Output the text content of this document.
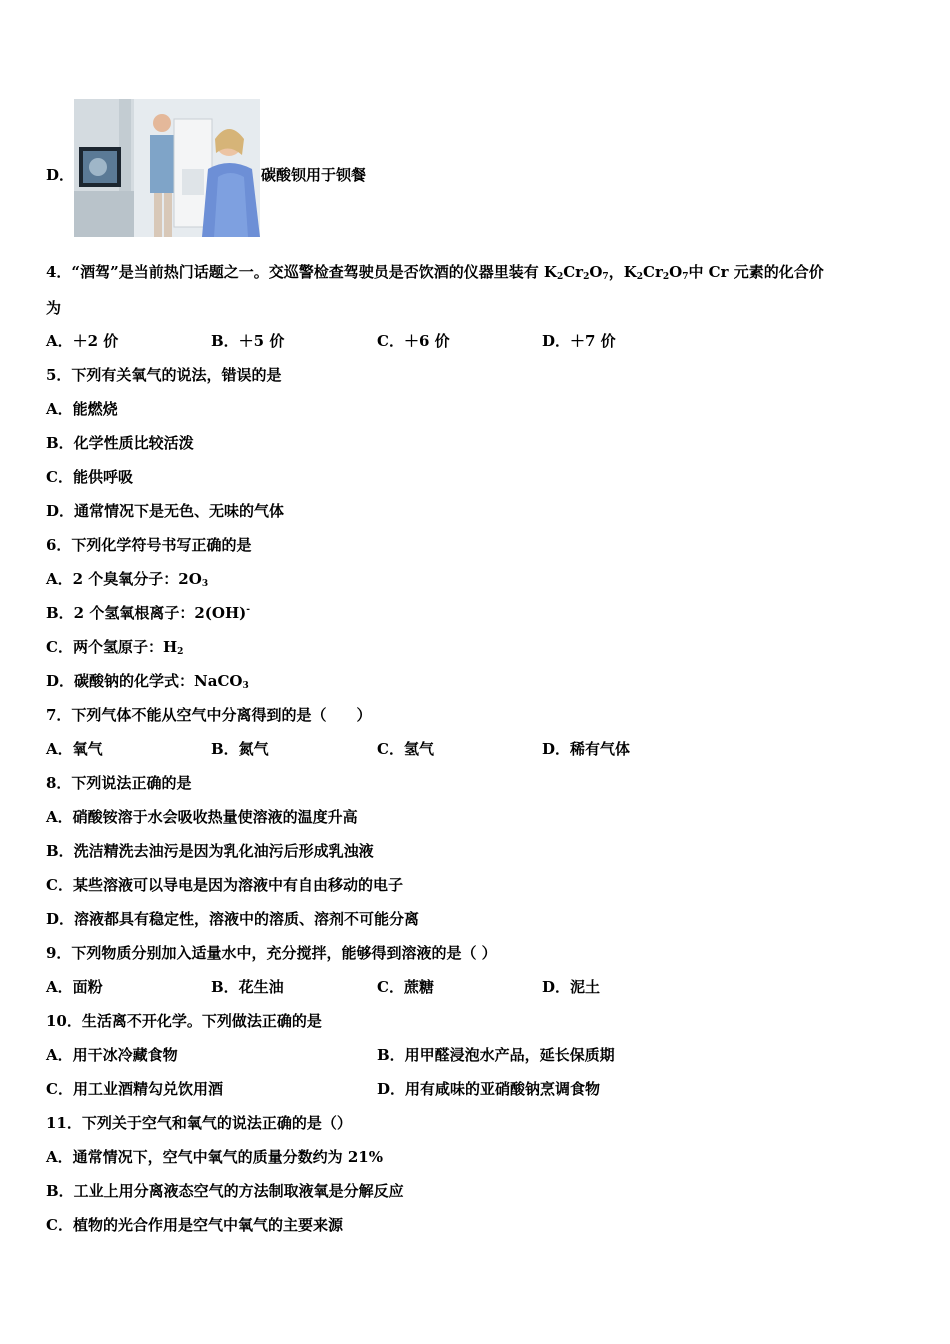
D．	碳酸钡用于钡餐
4．“酒驾”是当前热门话题之一。交巡警检查驾驶员是否饮酒的仪器里装有 $K_2Cr_2O_7$，$K_2Cr_2O_7$中 Cr 元素的化合价
为
A．＋2 价	B．＋5 价	C．＋6 价	D．＋7 价
5．下列有关氧气的说法，错误的是
A．能燃烧
B．化学性质比较活泼
C．能供呼吸
D．通常情况下是无色、无味的气体
6．下列化学符号书写正确的是
A．2 个臭氧分子：$2O_3$
B．2 个氢氧根离子：2(OH)-
C．两个氢原子：$H_2$
D．碳酸钠的化学式：NaCO$_3$
7．下列气体不能从空气中分离得到的是（　　）
A．氧气	B．氮气	C．氢气	D．稀有气体
8．下列说法正确的是
A．硝酸铵溶于水会吸收热量使溶液的温度升高
B．洗洁精洗去油污是因为乳化油污后形成乳浊液
C．某些溶液可以导电是因为溶液中有自由移动的电子
D．溶液都具有稳定性，溶液中的溶质、溶剂不可能分离
9．下列物质分别加入适量水中，充分搅拌，能够得到溶液的是（ ）
A．面粉	B．花生油	C．蔗糖	D．泥土
10．生活离不开化学。下列做法正确的是
A．用干冰冷藏食物	B．用甲醛浸泡水产品，延长保质期
C．用工业酒精勾兑饮用酒	D．用有咸味的亚硝酸钠烹调食物
11．下列关于空气和氧气的说法正确的是（）
A．通常情况下，空气中氧气的质量分数约为 21%
B．工业上用分离液态空气的方法制取液氧是分解反应
C．植物的光合作用是空气中氧气的主要来源
